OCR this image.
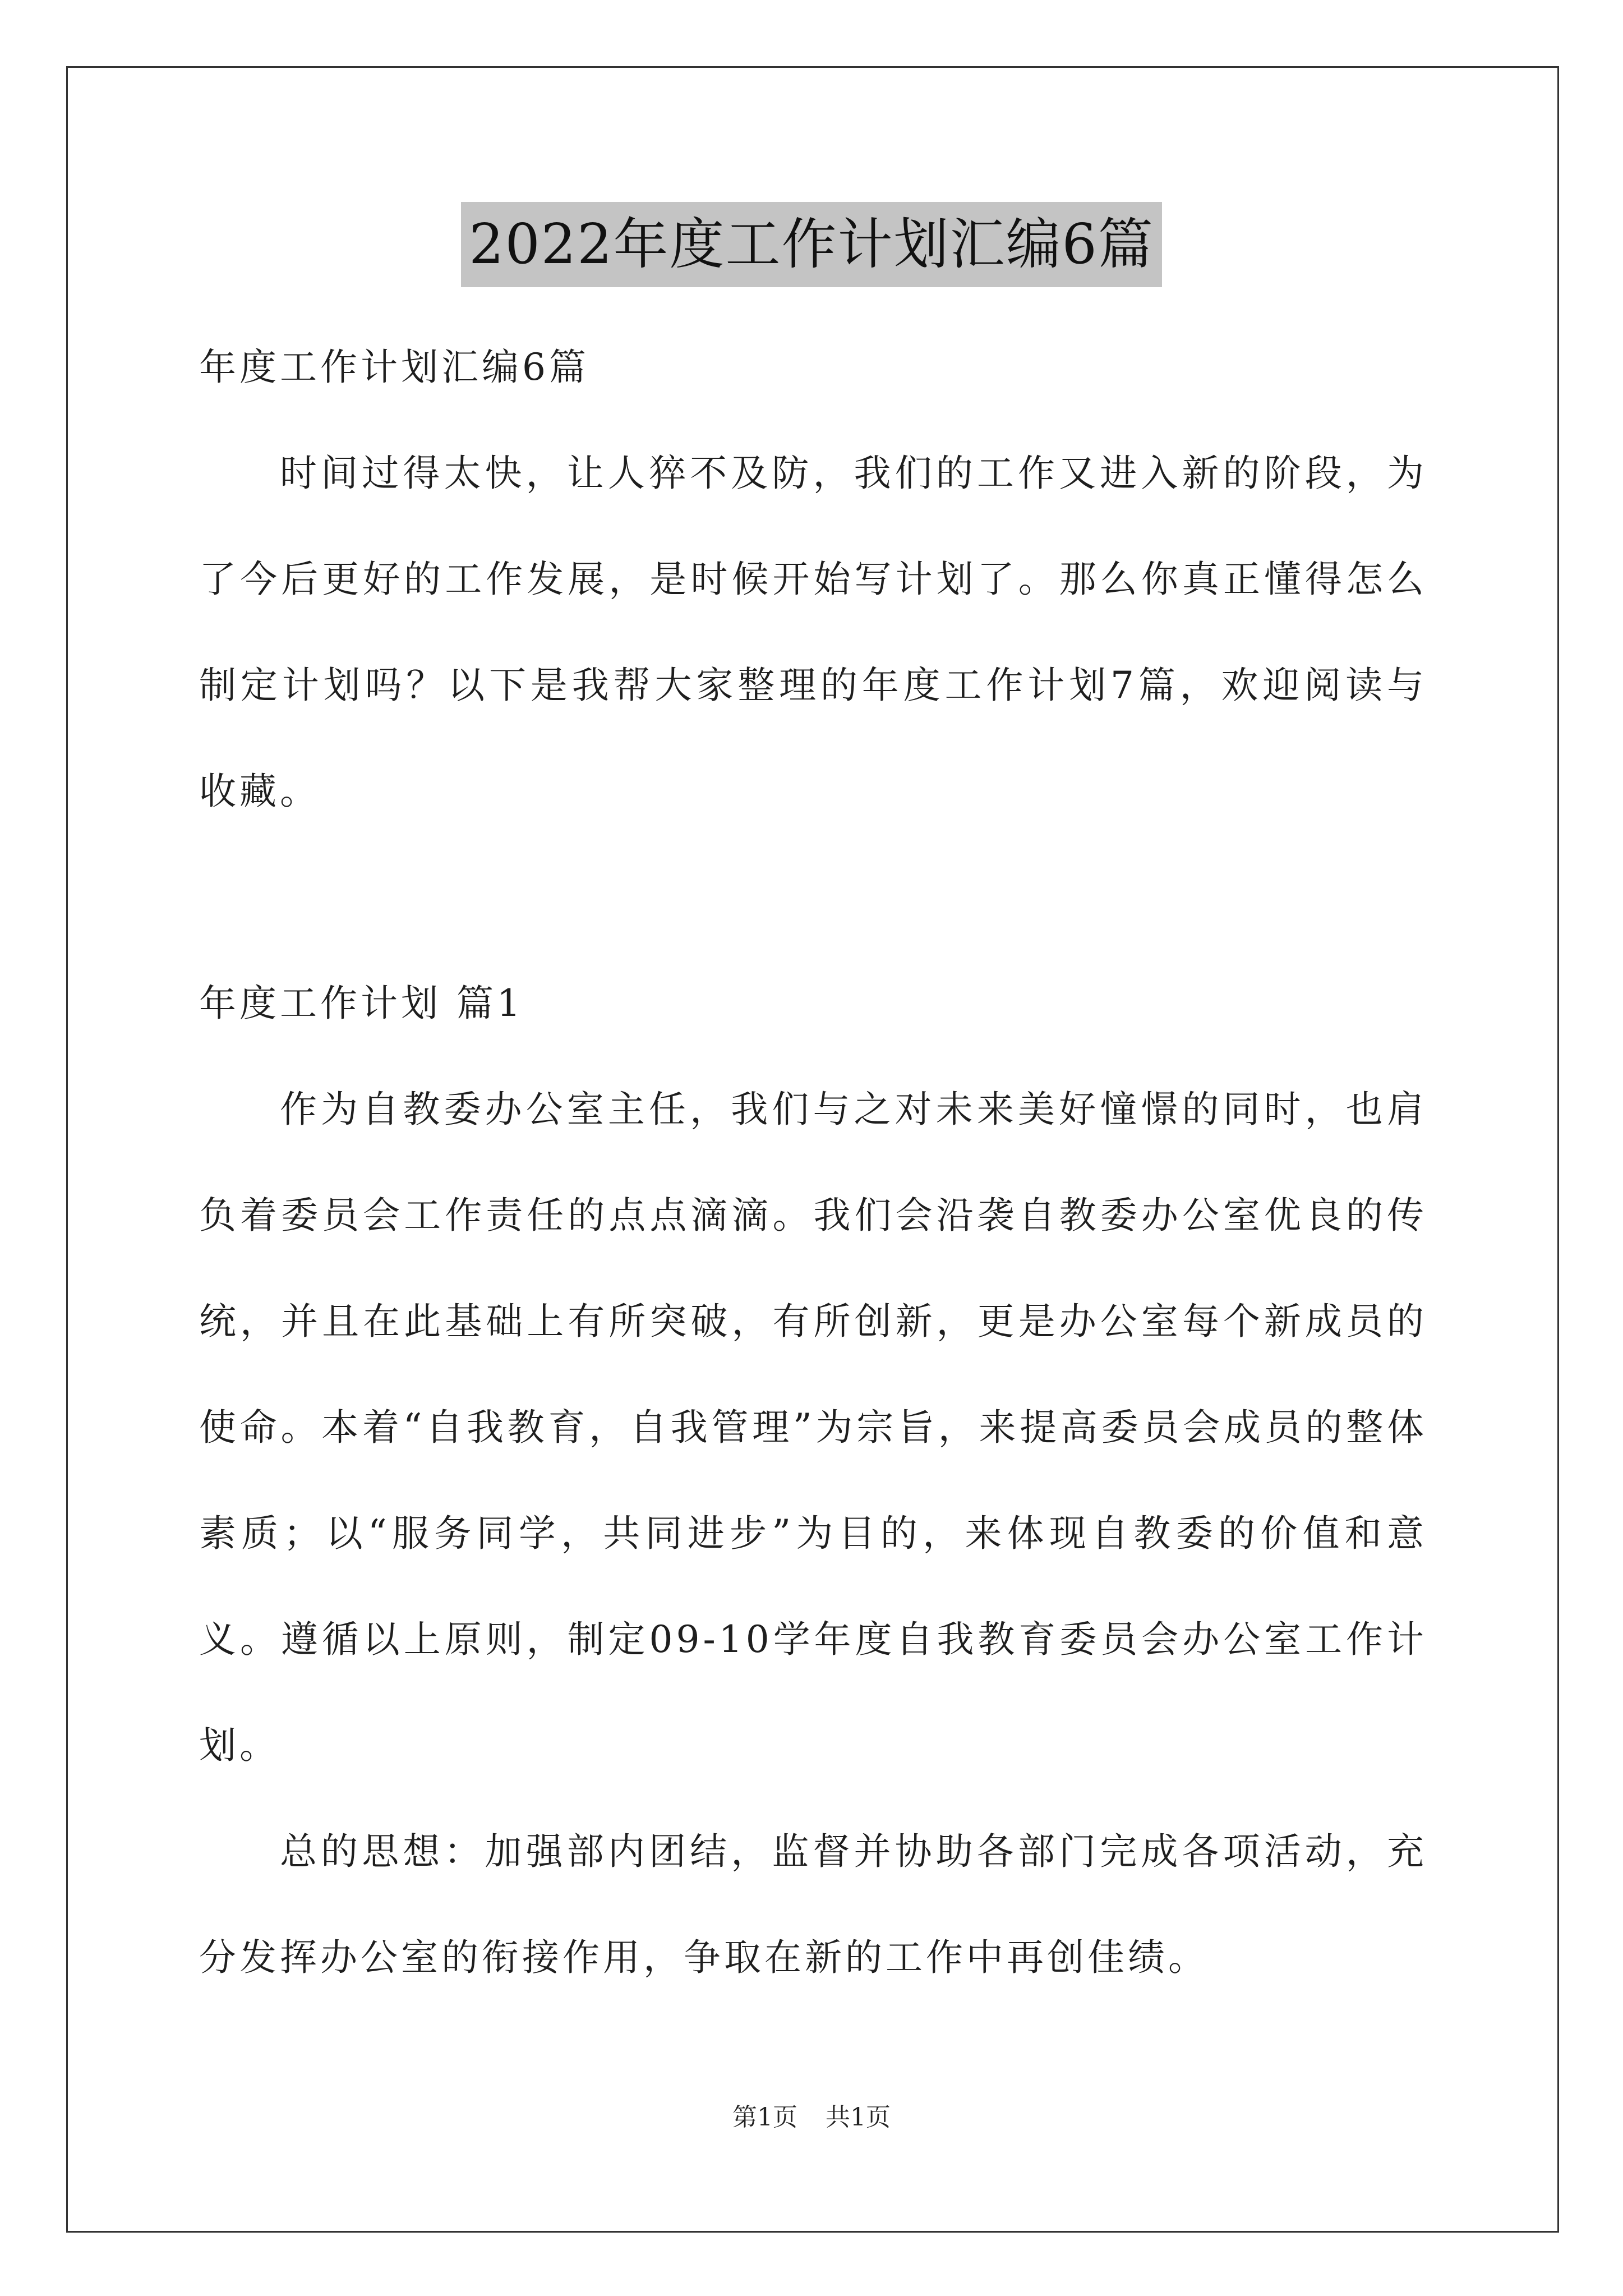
2022年度工作计划汇编6篇

年度工作计划汇编6篇

时间过得太快，让人猝不及防，我们的工作又进入新的阶段，为了今后更好的工作发展，是时候开始写计划了。那么你真正懂得怎么制定计划吗？以下是我帮大家整理的年度工作计划7篇，欢迎阅读与收藏。

年度工作计划 篇1

作为自教委办公室主任，我们与之对未来美好憧憬的同时，也肩负着委员会工作责任的点点滴滴。我们会沿袭自教委办公室优良的传统，并且在此基础上有所突破，有所创新，更是办公室每个新成员的使命。本着“自我教育，自我管理”为宗旨，来提高委员会成员的整体素质；以“服务同学，共同进步”为目的，来体现自教委的价值和意义。遵循以上原则，制定09-10学年度自我教育委员会办公室工作计划。

总的思想：加强部内团结，监督并协助各部门完成各项活动，充分发挥办公室的衔接作用，争取在新的工作中再创佳绩。

第1页 共1页
